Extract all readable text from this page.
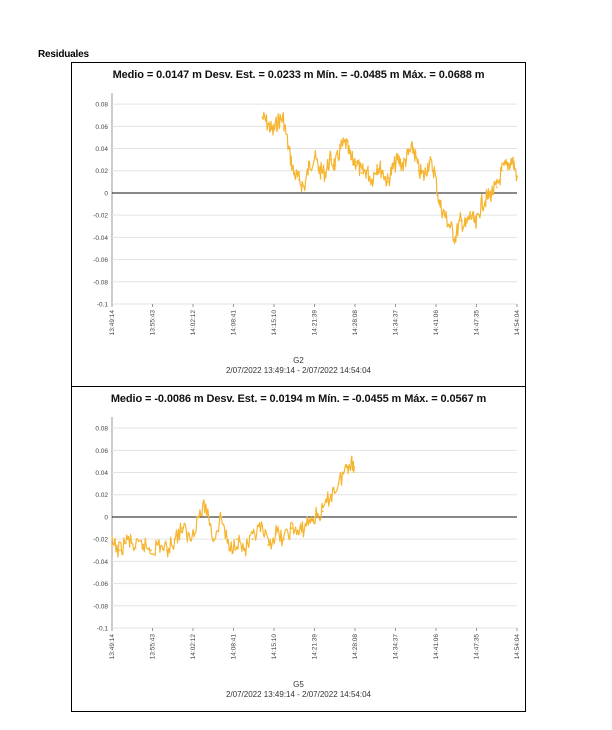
Residuales
Medio = 0.0147 m Desv. Est. = 0.0233 m Mín. = -0.0485 m Máx. = 0.0688 m
0.08
0.06
0.04
0.02
0
-0.02
-0.04
-0.06
-0.08
-0.1
13:49:14	13:55:43	14:02:12	14:08:41	14:15:10	14:21:39	14:28:08	14:34:37	14:41:06	14:47:35	14:54:04
G2
2/07/2022 13:49:14 - 2/07/2022 14:54:04
Medio = -0.0086 m Desv. Est. = 0.0194 m Mín. = -0.0455 m Máx. = 0.0567 m
0.08
0.06
0.04
0.02
0
-0.02
-0.04
-0.06
-0.08
-0.1
13:49:14	13:55:43	14:02:12	14:08:41	14:15:10	14:21:39	14:28:08	14:34:37	14:41:06	14:47:35	14:54:04
G5
2/07/2022 13:49:14 - 2/07/2022 14:54:04
